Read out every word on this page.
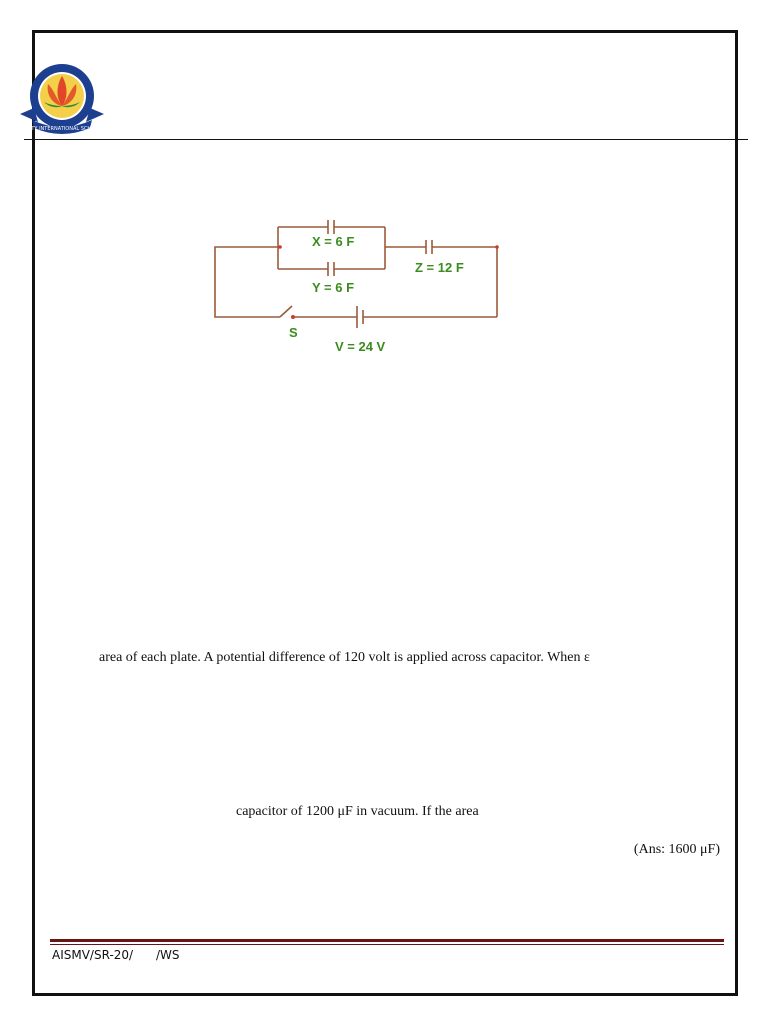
AMITY INTERNATIONAL SCHOOL
X = 6 F
Y = 6 F
Z = 12 F
S
V = 24 V
area of each plate. A potential difference of 120 volt is applied across capacitor. When ε
capacitor of 1200 μF in vacuum. If the area
(Ans: 1600 μF)
AISMV/SR-20/      /WS
